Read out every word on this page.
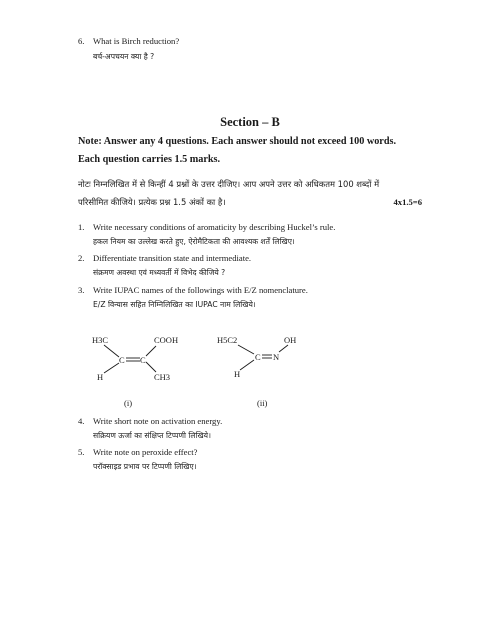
6. What is Birch reduction?
बर्च-अपचयन क्या है ?
Section – B
Note: Answer any 4 questions. Each answer should not exceed 100 words.
Each question carries 1.5 marks.
नोटः निम्नलिखित में से किन्हीं 4 प्रश्नों के उत्तर दीजिए। आप अपने उत्तर को अधिकतम 100 शब्दों में
परिसीमित कीजिये। प्रत्येक प्रश्न 1.5 अंकों का है।	4x1.5=6
1. Write necessary conditions of aromaticity by describing Huckel’s rule.
हकल नियम का उल्लेख करते हुए, ऐरोमैटिकता की आवश्यक शर्तें लिखिए।
2. Differentiate transition state and intermediate.
संक्रमण अवस्था एवं मध्यवर्ती में विभेद कीजिये ?
3. Write IUPAC names of the followings with E/Z nomenclature.
E/Z विन्यास सहित निम्निलिखित का IUPAC नाम लिखिये।
H3C
H
C C
COOH
CH3
(i)
H5C2
H
C N
OH
(ii)
4. Write short note on activation energy.
सक्रियण ऊर्जा का संक्षिप्त टिप्पणी लिखिये।
5. Write note on peroxide effect?
परॉक्साइड प्रभाव पर टिप्पणी लिखिए।
